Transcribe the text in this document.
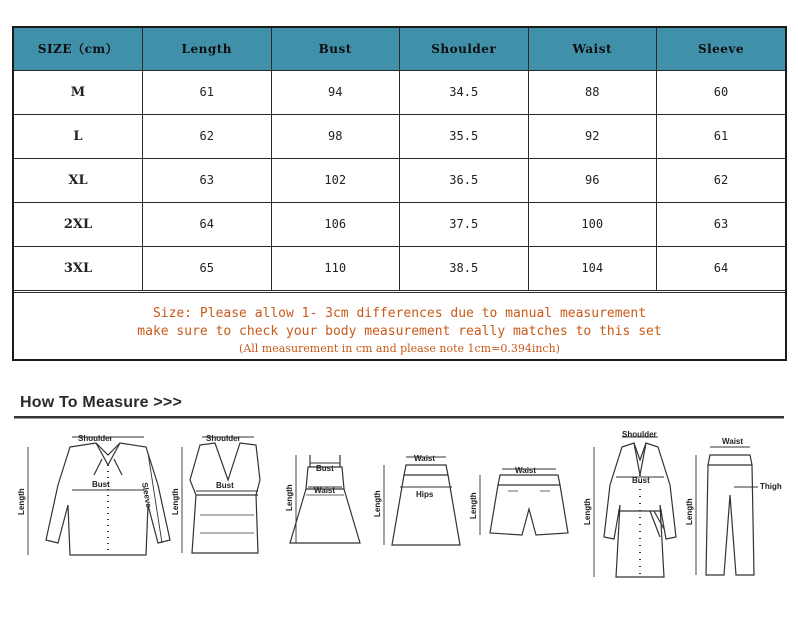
SIZE（cm）	Length	Bust	Shoulder	Waist	Sleeve
M	61	94	34.5	88	60
L	62	98	35.5	92	61
XL	63	102	36.5	96	62
2XL	64	106	37.5	100	63
3XL	65	110	38.5	104	64
Size: Please allow 1- 3cm differences due to manual measurement
make sure to check your body measurement really matches to this set
(All measurement in cm and please note 1cm=0.394inch)
How To Measure >>>
Shoulder
Bust
Length	Sleeve
Shoulder
Bust
Length
Bust
Waist
Length
Waist
Hips
Length
Waist
Length
Shoulder
Bust
Length
Waist
Thigh
Length
